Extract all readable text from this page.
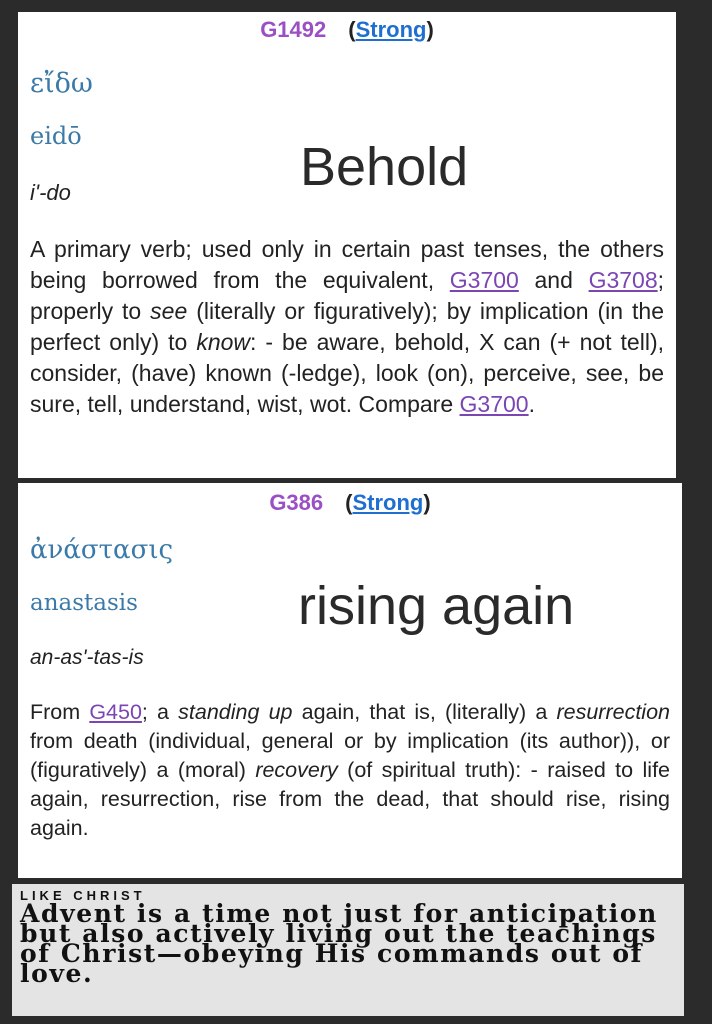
G1492 (Strong)
εἴδω
eidō
i'-do	Behold
A primary verb; used only in certain past tenses, the others being borrowed from the equivalent, G3700 and G3708; properly to see (literally or figuratively); by implication (in the perfect only) to know: - be aware, behold, X can (+ not tell), consider, (have) known (-ledge), look (on), perceive, see, be sure, tell, understand, wist, wot. Compare G3700.
G386 (Strong)
ἀνάστασις
anastasis
an-as'-tas-is
rising again
From G450; a standing up again, that is, (literally) a resurrection from death (individual, general or by implication (its author)), or (figuratively) a (moral) recovery (of spiritual truth): - raised to life again, resurrection, rise from the dead, that should rise, rising again.
LIKE CHRIST
Advent is a time not just for anticipation but also actively living out the teachings of Christ—obeying His commands out of love.
